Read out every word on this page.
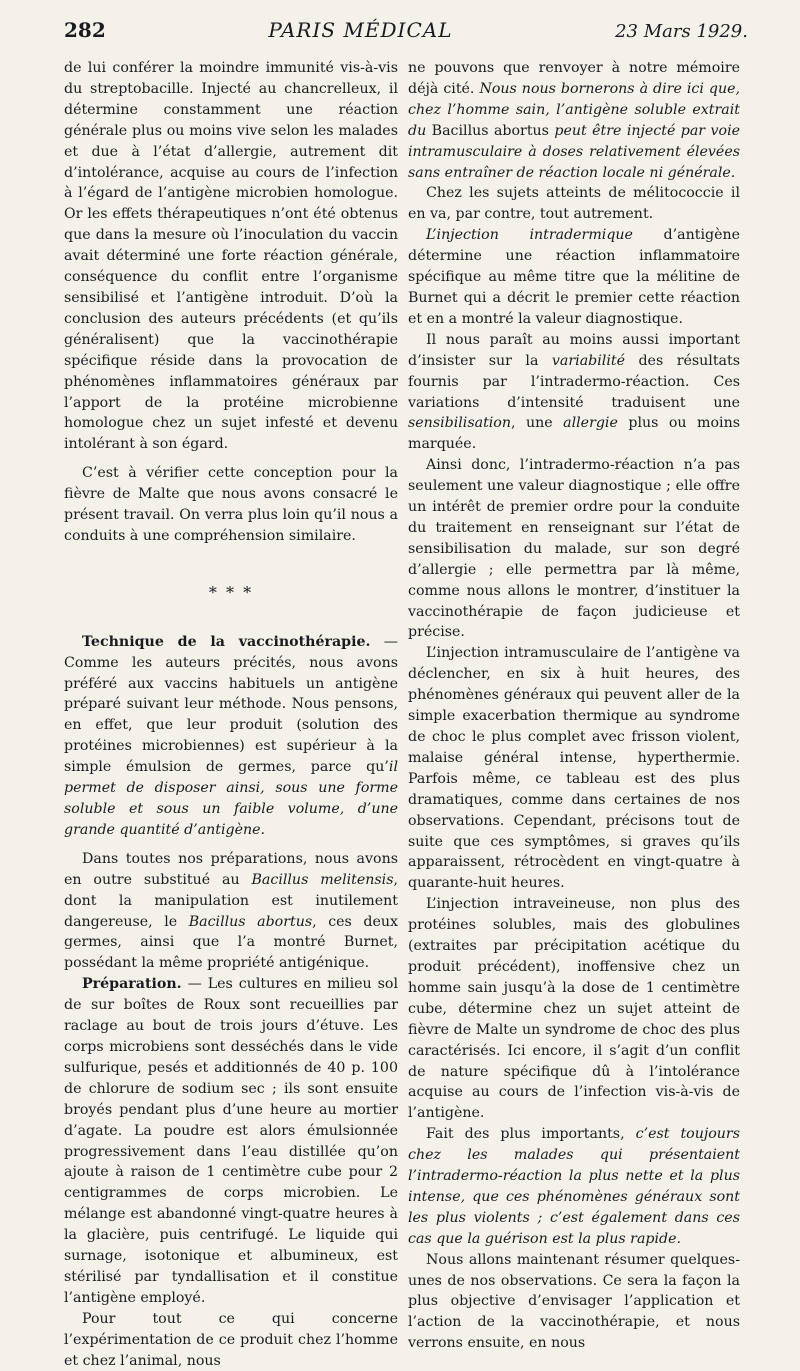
282	PARIS MÉDICAL	23 Mars 1929.

de lui conférer la moindre immunité vis-à-vis du streptobacille. Injecté au chancrelleux, il détermine constamment une réaction générale plus ou moins vive selon les malades et due à l’état d’allergie, autrement dit d’intolérance, acquise au cours de l’infection à l’égard de l’antigène microbien homologue. Or les effets thérapeutiques n’ont été obtenus que dans la mesure où l’inoculation du vaccin avait déterminé une forte réaction générale, conséquence du conflit entre l’organisme sensibilisé et l’antigène introduit. D’où la conclusion des auteurs précédents (et qu’ils généralisent) que la vaccinothérapie spécifique réside dans la provocation de phénomènes inflammatoires généraux par l’apport de la protéine microbienne homologue chez un sujet infesté et devenu intolérant à son égard.

C’est à vérifier cette conception pour la fièvre de Malte que nous avons consacré le présent travail. On verra plus loin qu’il nous a conduits à une compréhension similaire.

* * *

Technique de la vaccinothérapie. — Comme les auteurs précités, nous avons préféré aux vaccins habituels un antigène préparé suivant leur méthode. Nous pensons, en effet, que leur produit (solution des protéines microbiennes) est supérieur à la simple émulsion de germes, parce qu’il permet de disposer ainsi, sous une forme soluble et sous un faible volume, d’une grande quantité d’antigène.

Dans toutes nos préparations, nous avons en outre substitué au Bacillus melitensis, dont la manipulation est inutilement dangereuse, le Bacillus abortus, ces deux germes, ainsi que l’a montré Burnet, possédant la même propriété antigénique.

Préparation. — Les cultures en milieu sol de sur boîtes de Roux sont recueillies par raclage au bout de trois jours d’étuve. Les corps microbiens sont desséchés dans le vide sulfurique, pesés et additionnés de 40 p. 100 de chlorure de sodium sec ; ils sont ensuite broyés pendant plus d’une heure au mortier d’agate. La poudre est alors émulsionnée progressivement dans l’eau distillée qu’on ajoute à raison de 1 centimètre cube pour 2 centigrammes de corps microbien. Le mélange est abandonné vingt-quatre heures à la glacière, puis centrifugé. Le liquide qui surnage, isotonique et albumineux, est stérilisé par tyndallisation et il constitue l’antigène employé.

Pour tout ce qui concerne l’expérimentation de ce produit chez l’homme et chez l’animal, nous

ne pouvons que renvoyer à notre mémoire déjà cité. Nous nous bornerons à dire ici que, chez l’homme sain, l’antigène soluble extrait du Bacillus abortus peut être injecté par voie intramusculaire à doses relativement élevées sans entraîner de réaction locale ni générale.

Chez les sujets atteints de mélitococcie il en va, par contre, tout autrement.

L’injection intradermique d’antigène détermine une réaction inflammatoire spécifique au même titre que la mélitine de Burnet qui a décrit le premier cette réaction et en a montré la valeur diagnostique.

Il nous paraît au moins aussi important d’insister sur la variabilité des résultats fournis par l’intradermo-réaction. Ces variations d’intensité traduisent une sensibilisation, une allergie plus ou moins marquée.

Ainsi donc, l’intradermo-réaction n’a pas seulement une valeur diagnostique ; elle offre un intérêt de premier ordre pour la conduite du traitement en renseignant sur l’état de sensibilisation du malade, sur son degré d’allergie ; elle permettra par là même, comme nous allons le montrer, d’instituer la vaccinothérapie de façon judicieuse et précise.

L’injection intramusculaire de l’antigène va déclencher, en six à huit heures, des phénomènes généraux qui peuvent aller de la simple exacerbation thermique au syndrome de choc le plus complet avec frisson violent, malaise général intense, hyperthermie. Parfois même, ce tableau est des plus dramatiques, comme dans certaines de nos observations. Cependant, précisons tout de suite que ces symptômes, si graves qu’ils apparaissent, rétrocèdent en vingt-quatre à quarante-huit heures.

L’injection intraveineuse, non plus des protéines solubles, mais des globulines (extraites par précipitation acétique du produit précédent), inoffensive chez un homme sain jusqu’à la dose de 1 centimètre cube, détermine chez un sujet atteint de fièvre de Malte un syndrome de choc des plus caractérisés. Ici encore, il s’agit d’un conflit de nature spécifique dû à l’intolérance acquise au cours de l’infection vis-à-vis de l’antigène.

Fait des plus importants, c’est toujours chez les malades qui présentaient l’intradermo-réaction la plus nette et la plus intense, que ces phénomènes généraux sont les plus violents ; c’est également dans ces cas que la guérison est la plus rapide.

Nous allons maintenant résumer quelques-unes de nos observations. Ce sera la façon la plus objective d’envisager l’application et l’action de la vaccinothérapie, et nous verrons ensuite, en nous
